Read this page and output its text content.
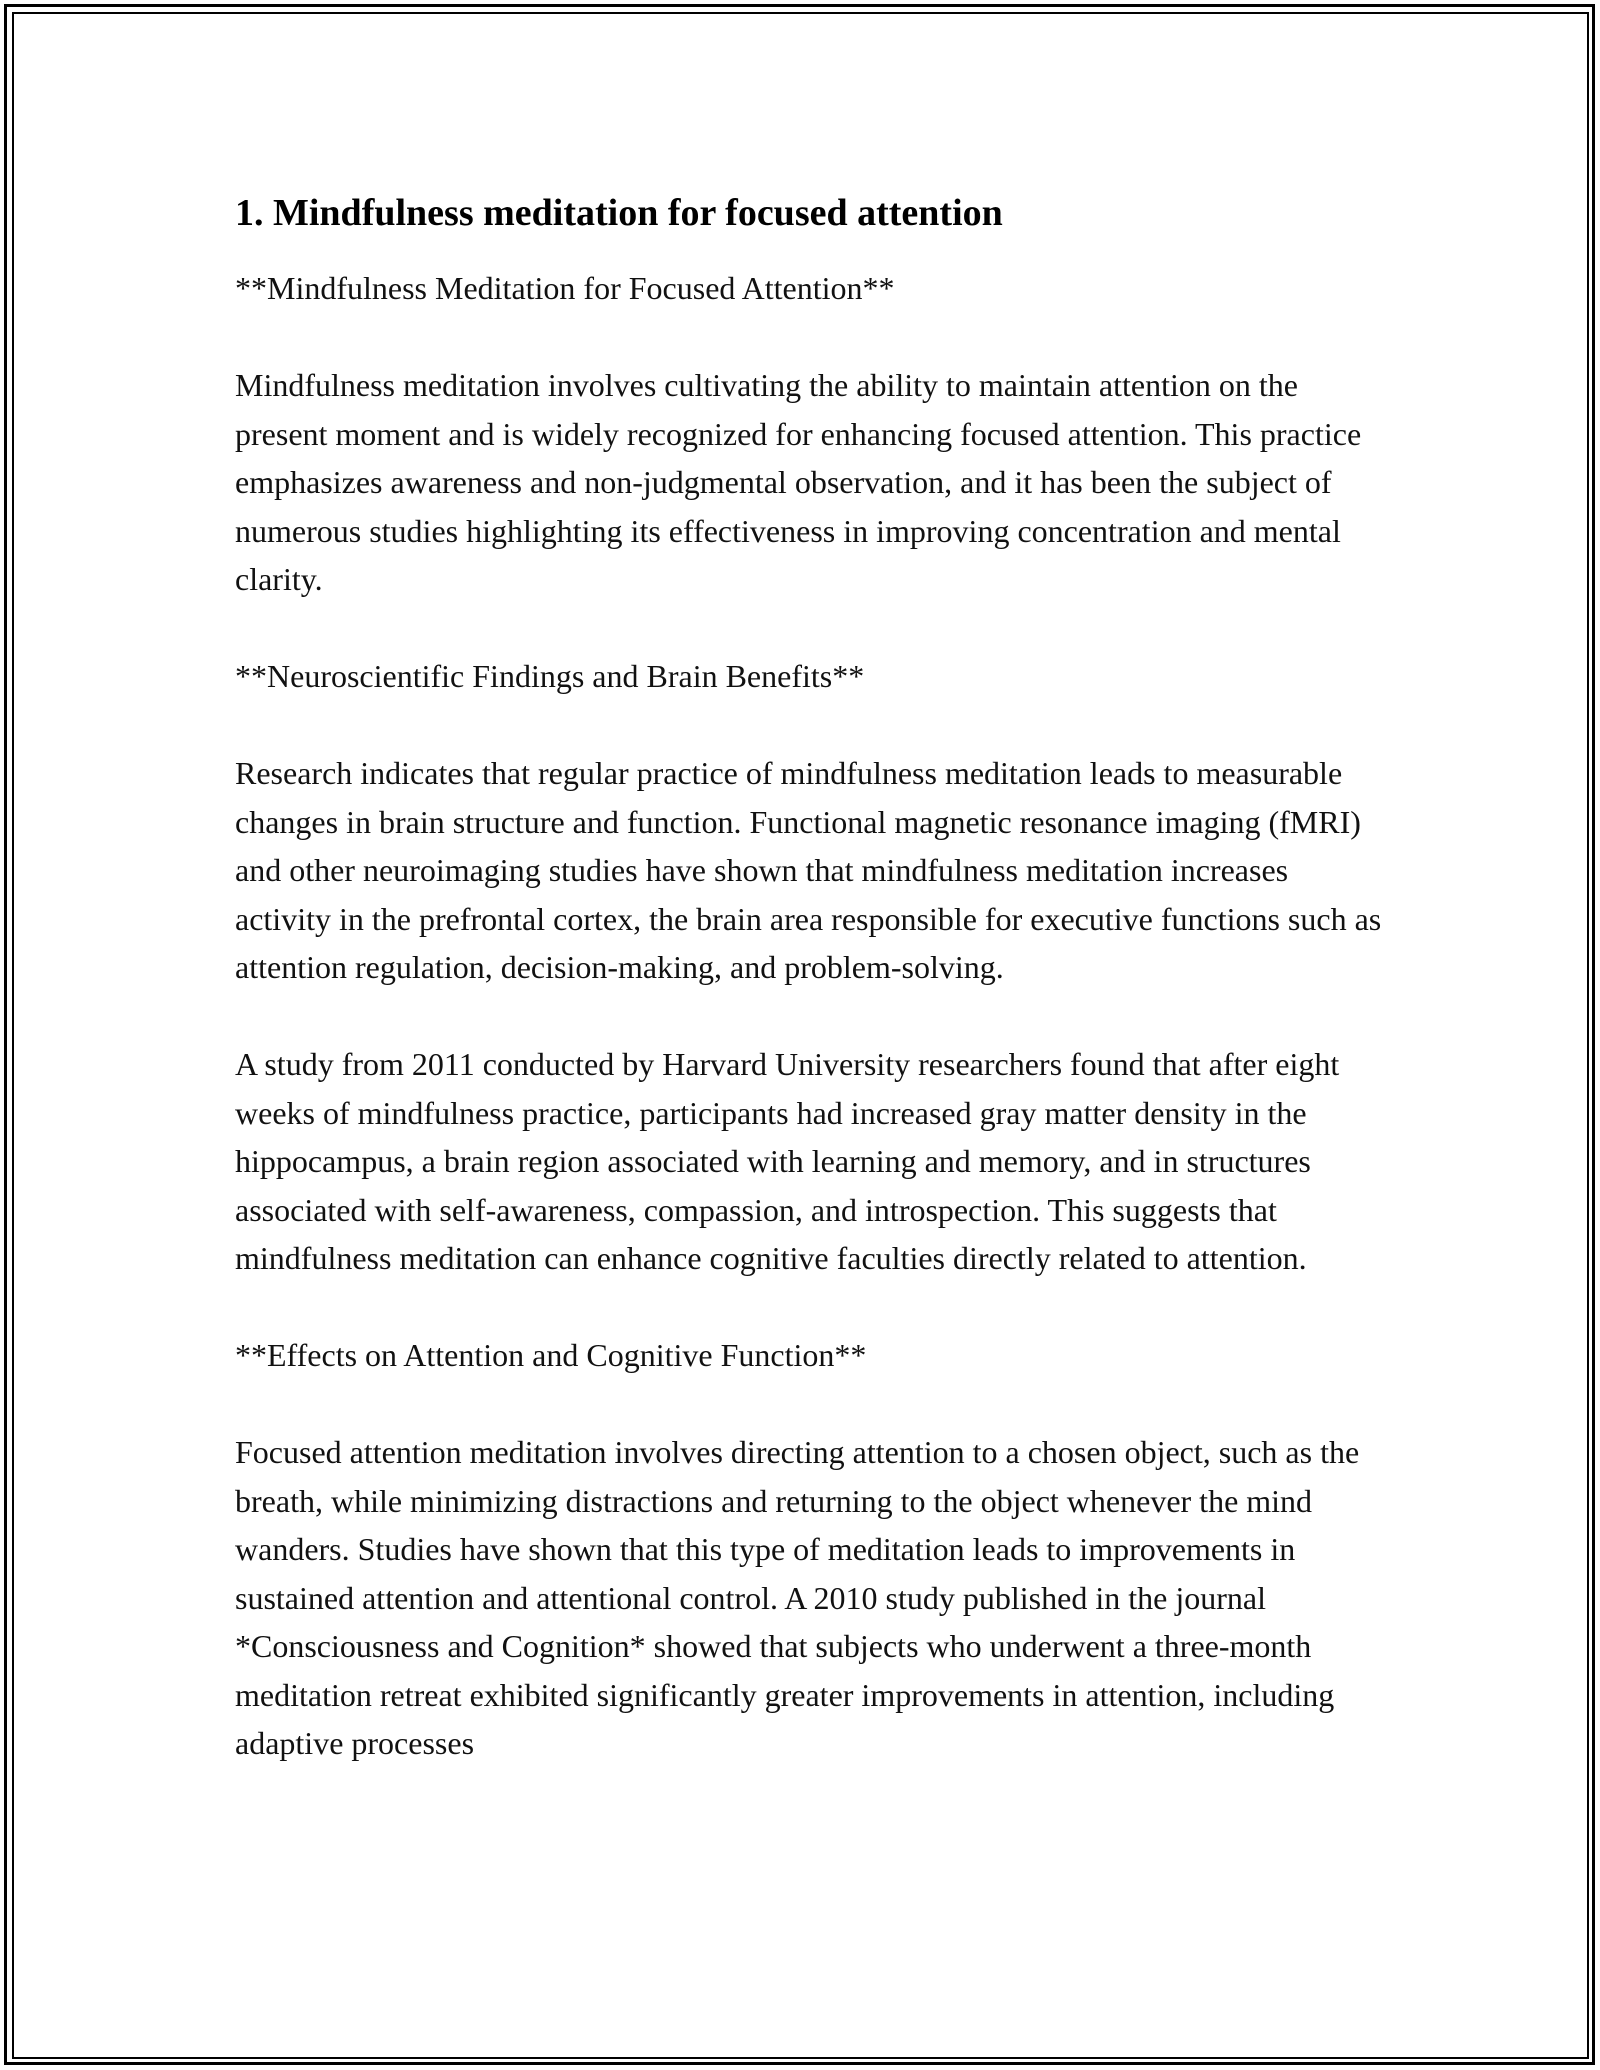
1. Mindfulness meditation for focused attention

**Mindfulness Meditation for Focused Attention**

Mindfulness meditation involves cultivating the ability to maintain attention on the present moment and is widely recognized for enhancing focused attention. This practice emphasizes awareness and non-judgmental observation, and it has been the subject of numerous studies highlighting its effectiveness in improving concentration and mental clarity.

**Neuroscientific Findings and Brain Benefits**

Research indicates that regular practice of mindfulness meditation leads to measurable changes in brain structure and function. Functional magnetic resonance imaging (fMRI) and other neuroimaging studies have shown that mindfulness meditation increases activity in the prefrontal cortex, the brain area responsible for executive functions such as attention regulation, decision-making, and problem-solving.

A study from 2011 conducted by Harvard University researchers found that after eight weeks of mindfulness practice, participants had increased gray matter density in the hippocampus, a brain region associated with learning and memory, and in structures associated with self-awareness, compassion, and introspection. This suggests that mindfulness meditation can enhance cognitive faculties directly related to attention.

**Effects on Attention and Cognitive Function**

Focused attention meditation involves directing attention to a chosen object, such as the breath, while minimizing distractions and returning to the object whenever the mind wanders. Studies have shown that this type of meditation leads to improvements in sustained attention and attentional control. A 2010 study published in the journal *Consciousness and Cognition* showed that subjects who underwent a three-month meditation retreat exhibited significantly greater improvements in attention, including adaptive processes
